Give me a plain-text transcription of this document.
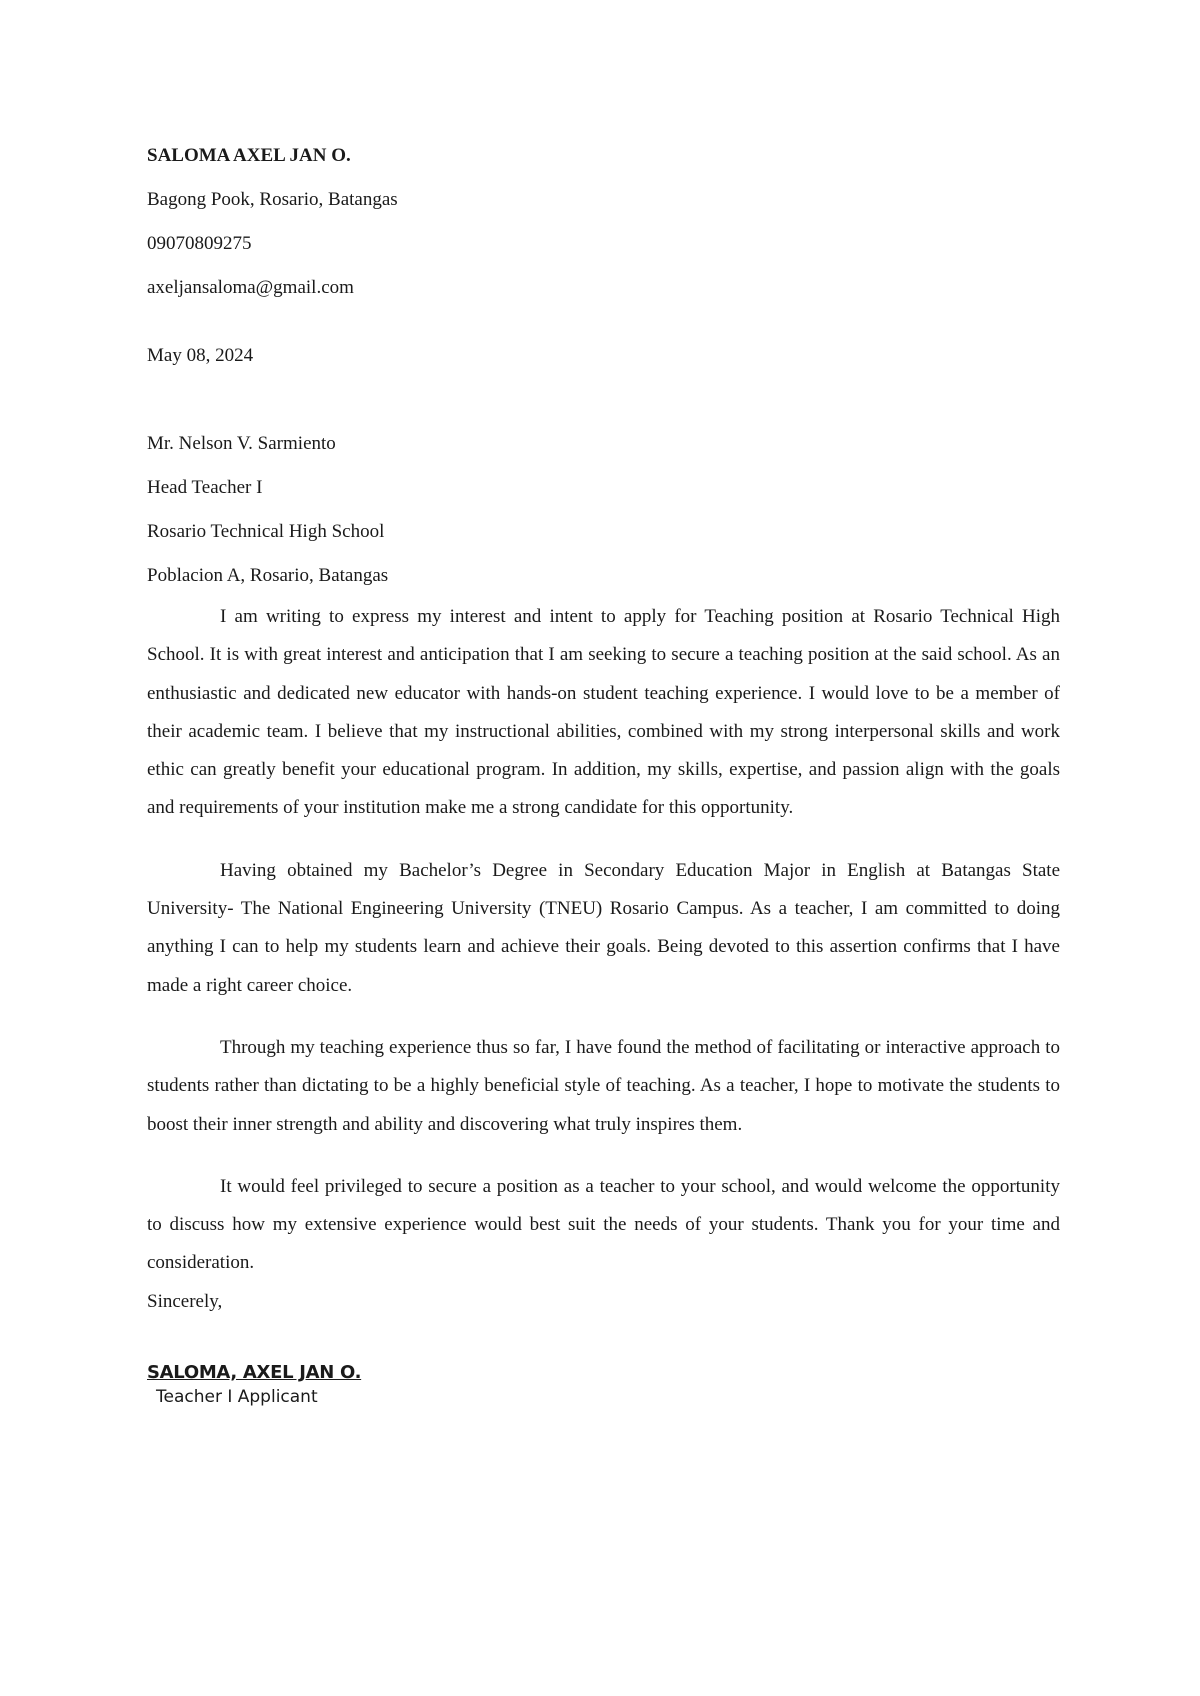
SALOMA AXEL JAN O.

Bagong Pook, Rosario, Batangas

09070809275

axeljansaloma@gmail.com

May 08, 2024

Mr. Nelson V. Sarmiento

Head Teacher I

Rosario Technical High School

Poblacion A, Rosario, Batangas

I am writing to express my interest and intent to apply for Teaching position at Rosario Technical High School. It is with great interest and anticipation that I am seeking to secure a teaching position at the said school. As an enthusiastic and dedicated new educator with hands-on student teaching experience. I would love to be a member of their academic team. I believe that my instructional abilities, combined with my strong interpersonal skills and work ethic can greatly benefit your educational program. In addition, my skills, expertise, and passion align with the goals and requirements of your institution make me a strong candidate for this opportunity.

Having obtained my Bachelor’s Degree in Secondary Education Major in English at Batangas State University- The National Engineering University (TNEU) Rosario Campus. As a teacher, I am committed to doing anything I can to help my students learn and achieve their goals. Being devoted to this assertion confirms that I have made a right career choice.

Through my teaching experience thus so far, I have found the method of facilitating or interactive approach to students rather than dictating to be a highly beneficial style of teaching. As a teacher, I hope to motivate the students to boost their inner strength and ability and discovering what truly inspires them.

It would feel privileged to secure a position as a teacher to your school, and would welcome the opportunity to discuss how my extensive experience would best suit the needs of your students. Thank you for your time and consideration.

Sincerely,

SALOMA, AXEL JAN O.
Teacher I Applicant
